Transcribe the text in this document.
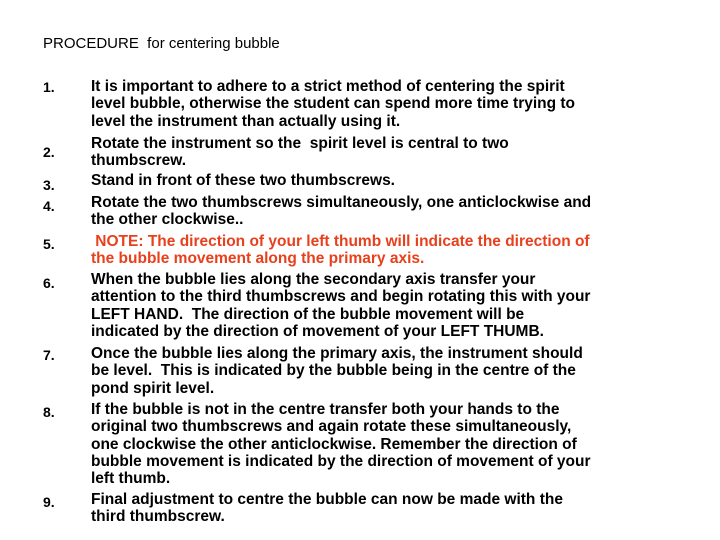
PROCEDURE  for centering bubble
1. It is important to adhere to a strict method of centering the spirit
level bubble, otherwise the student can spend more time trying to
level the instrument than actually using it.
2. Rotate the instrument so the  spirit level is central to two
thumbscrew.
3. Stand in front of these two thumbscrews.
4. Rotate the two thumbscrews simultaneously, one anticlockwise and
the other clockwise..
5. NOTE: The direction of your left thumb will indicate the direction of
the bubble movement along the primary axis.
6. When the bubble lies along the secondary axis transfer your
attention to the third thumbscrews and begin rotating this with your
LEFT HAND.  The direction of the bubble movement will be
indicated by the direction of movement of your LEFT THUMB.
7. Once the bubble lies along the primary axis, the instrument should
be level.  This is indicated by the bubble being in the centre of the
pond spirit level.
8. If the bubble is not in the centre transfer both your hands to the
original two thumbscrews and again rotate these simultaneously,
one clockwise the other anticlockwise. Remember the direction of
bubble movement is indicated by the direction of movement of your
left thumb.
9. Final adjustment to centre the bubble can now be made with the
third thumbscrew.
